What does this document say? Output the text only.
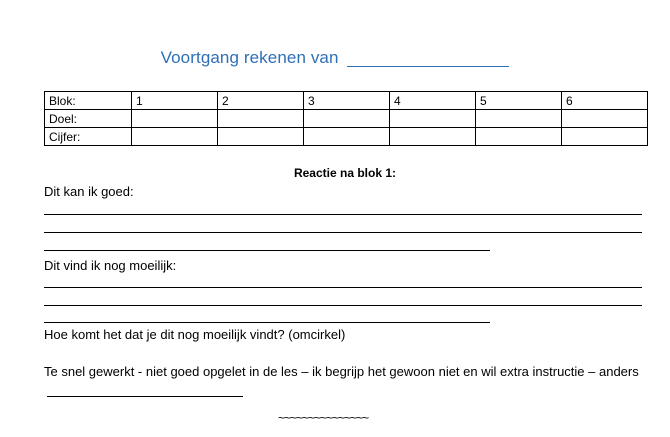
Voortgang rekenen van
Blok:	1	2	3	4	5	6
Doel:						
Cijfer:						
Reactie na blok 1:
Dit kan ik goed:
Dit vind ik nog moeilijk:
Hoe komt het dat je dit nog moeilijk vindt? (omcirkel)
Te snel gewerkt - niet goed opgelet in de les – ik begrijp het gewoon niet en wil extra instructie – anders
~~~~~~~~~~~~~~~
